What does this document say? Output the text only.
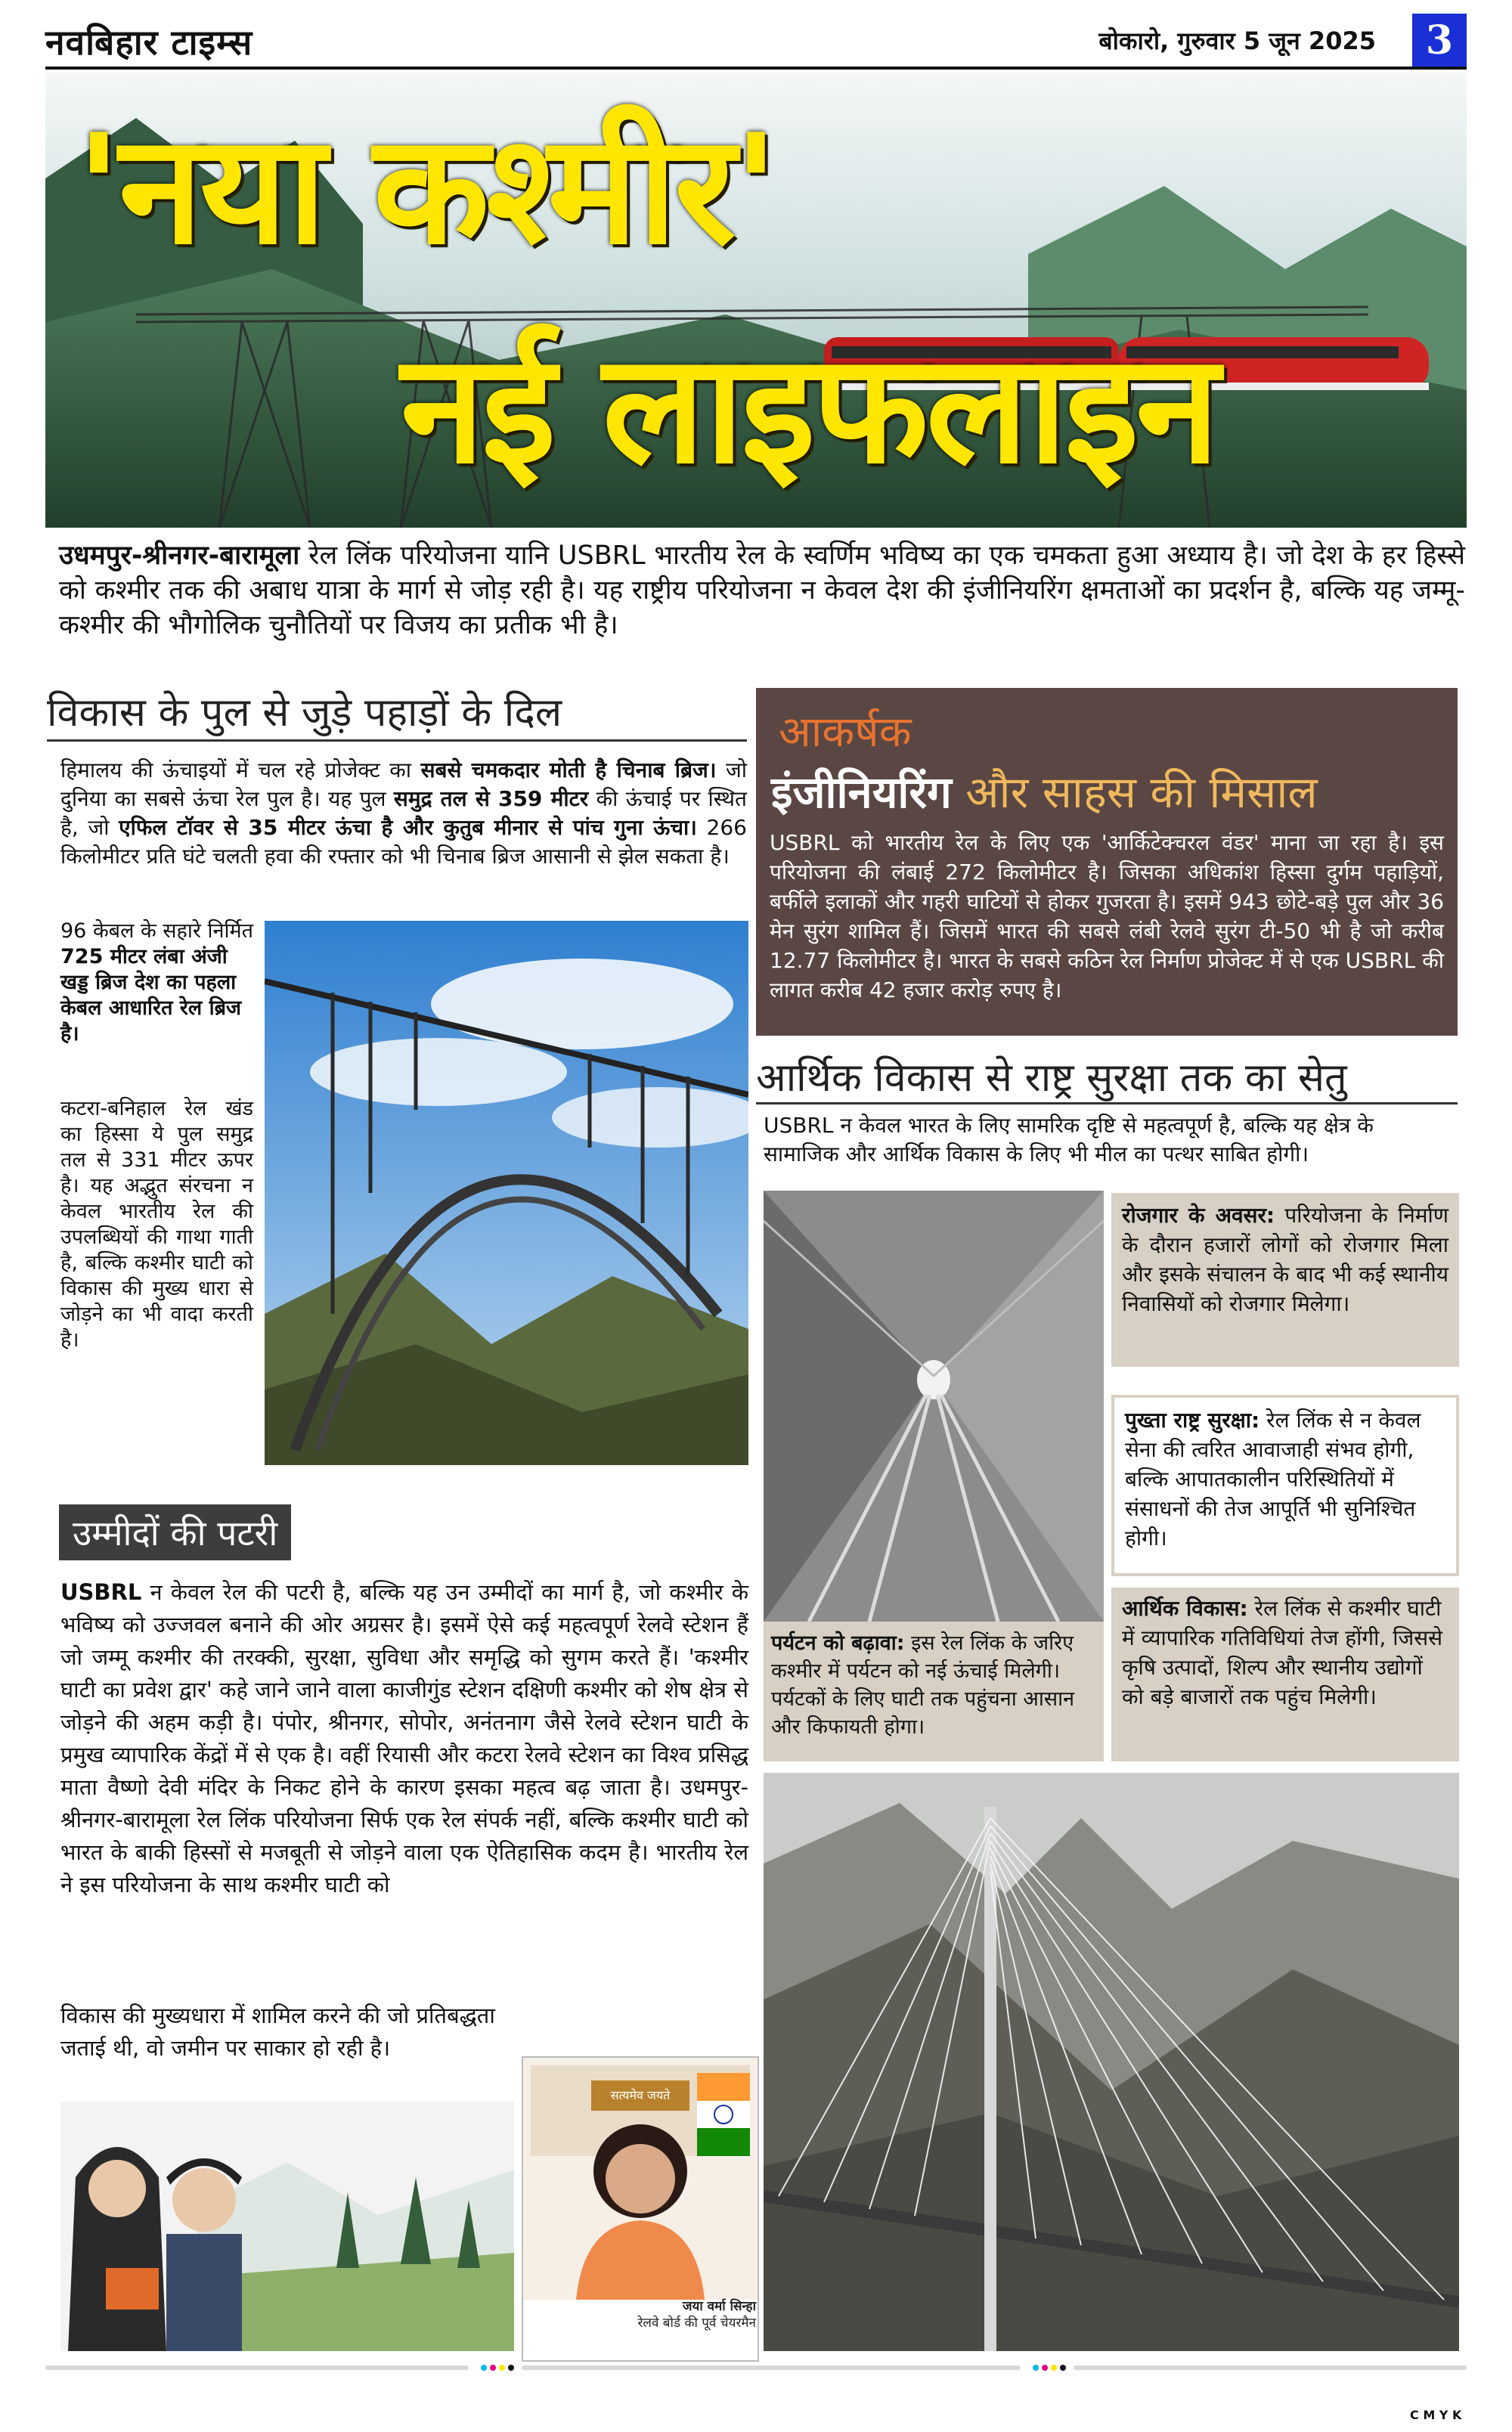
नवबिहार टाइम्स	बोकारो, गुरुवार 5 जून 2025	3
'नया कश्मीर'
नई लाइफलाइन
उधमपुर-श्रीनगर-बारामूला रेल लिंक परियोजना यानि USBRL भारतीय रेल के स्वर्णिम भविष्य का एक चमकता हुआ अध्याय है। जो देश के हर हिस्से को कश्मीर तक की अबाध यात्रा के मार्ग से जोड़ रही है। यह राष्ट्रीय परियोजना न केवल देश की इंजीनियरिंग क्षमताओं का प्रदर्शन है, बल्कि यह जम्मू-कश्मीर की भौगोलिक चुनौतियों पर विजय का प्रतीक भी है।
विकास के पुल से जुड़े पहाड़ों के दिल
हिमालय की ऊंचाइयों में चल रहे प्रोजेक्ट का सबसे चमकदार मोती है चिनाब ब्रिज। जो दुनिया का सबसे ऊंचा रेल पुल है। यह पुल समुद्र तल से 359 मीटर की ऊंचाई पर स्थित है, जो एफिल टॉवर से 35 मीटर ऊंचा है और कुतुब मीनार से पांच गुना ऊंचा। 266 किलोमीटर प्रति घंटे चलती हवा की रफ्तार को भी चिनाब ब्रिज आसानी से झेल सकता है।
96 केबल के सहारे निर्मित 725 मीटर लंबा अंजी खड्ड ब्रिज देश का पहला केबल आधारित रेल ब्रिज है।
कटरा-बनिहाल रेल खंड का हिस्सा ये पुल समुद्र तल से 331 मीटर ऊपर है। यह अद्भुत संरचना न केवल भारतीय रेल की उपलब्धियों की गाथा गाती है, बल्कि कश्मीर घाटी को विकास की मुख्य धारा से जोड़ने का भी वादा करती है।
उम्मीदों की पटरी
USBRL न केवल रेल की पटरी है, बल्कि यह उन उम्मीदों का मार्ग है, जो कश्मीर के भविष्य को उज्जवल बनाने की ओर अग्रसर है। इसमें ऐसे कई महत्वपूर्ण रेलवे स्टेशन हैं जो जम्मू कश्मीर की तरक्की, सुरक्षा, सुविधा और समृद्धि को सुगम करते हैं। 'कश्मीर घाटी का प्रवेश द्वार' कहे जाने जाने वाला काजीगुंड स्टेशन दक्षिणी कश्मीर को शेष क्षेत्र से जोड़ने की अहम कड़ी है। पंपोर, श्रीनगर, सोपोर, अनंतनाग जैसे रेलवे स्टेशन घाटी के प्रमुख व्यापारिक केंद्रों में से एक है। वहीं रियासी और कटरा रेलवे स्टेशन का विश्व प्रसिद्ध माता वैष्णो देवी मंदिर के निकट होने के कारण इसका महत्व बढ़ जाता है। उधमपुर-श्रीनगर-बारामूला रेल लिंक परियोजना सिर्फ एक रेल संपर्क नहीं, बल्कि कश्मीर घाटी को भारत के बाकी हिस्सों से मजबूती से जोड़ने वाला एक ऐतिहासिक कदम है। भारतीय रेल ने इस परियोजना के साथ कश्मीर घाटी को
विकास की मुख्यधारा में शामिल करने की जो प्रतिबद्धता जताई थी, वो जमीन पर साकार हो रही है।
सत्यमेव जयते
जया वर्मा सिन्हा
रेलवे बोर्ड की पूर्व चेयरमैन
आकर्षक
इंजीनियरिंग और साहस की मिसाल
USBRL को भारतीय रेल के लिए एक 'आर्किटेक्चरल वंडर' माना जा रहा है। इस परियोजना की लंबाई 272 किलोमीटर है। जिसका अधिकांश हिस्सा दुर्गम पहाड़ियों, बर्फीले इलाकों और गहरी घाटियों से होकर गुजरता है। इसमें 943 छोटे-बड़े पुल और 36 मेन सुरंग शामिल हैं। जिसमें भारत की सबसे लंबी रेलवे सुरंग टी-50 भी है जो करीब 12.77 किलोमीटर है। भारत के सबसे कठिन रेल निर्माण प्रोजेक्ट में से एक USBRL की लागत करीब 42 हजार करोड़ रुपए है।
आर्थिक विकास से राष्ट्र सुरक्षा तक का सेतु
USBRL न केवल भारत के लिए सामरिक दृष्टि से महत्वपूर्ण है, बल्कि यह क्षेत्र के सामाजिक और आर्थिक विकास के लिए भी मील का पत्थर साबित होगी।
रोजगार के अवसर: परियोजना के निर्माण के दौरान हजारों लोगों को रोजगार मिला और इसके संचालन के बाद भी कई स्थानीय निवासियों को रोजगार मिलेगा।
पुख्ता राष्ट्र सुरक्षा: रेल लिंक से न केवल सेना की त्वरित आवाजाही संभव होगी, बल्कि आपातकालीन परिस्थितियों में संसाधनों की तेज आपूर्ति भी सुनिश्चित होगी।
पर्यटन को बढ़ावा: इस रेल लिंक के जरिए कश्मीर में पर्यटन को नई ऊंचाई मिलेगी। पर्यटकों के लिए घाटी तक पहुंचना आसान और किफायती होगा।
आर्थिक विकास: रेल लिंक से कश्मीर घाटी में व्यापारिक गतिविधियां तेज होंगी, जिससे कृषि उत्पादों, शिल्प और स्थानीय उद्योगों को बड़े बाजारों तक पहुंच मिलेगी।
C M Y K
